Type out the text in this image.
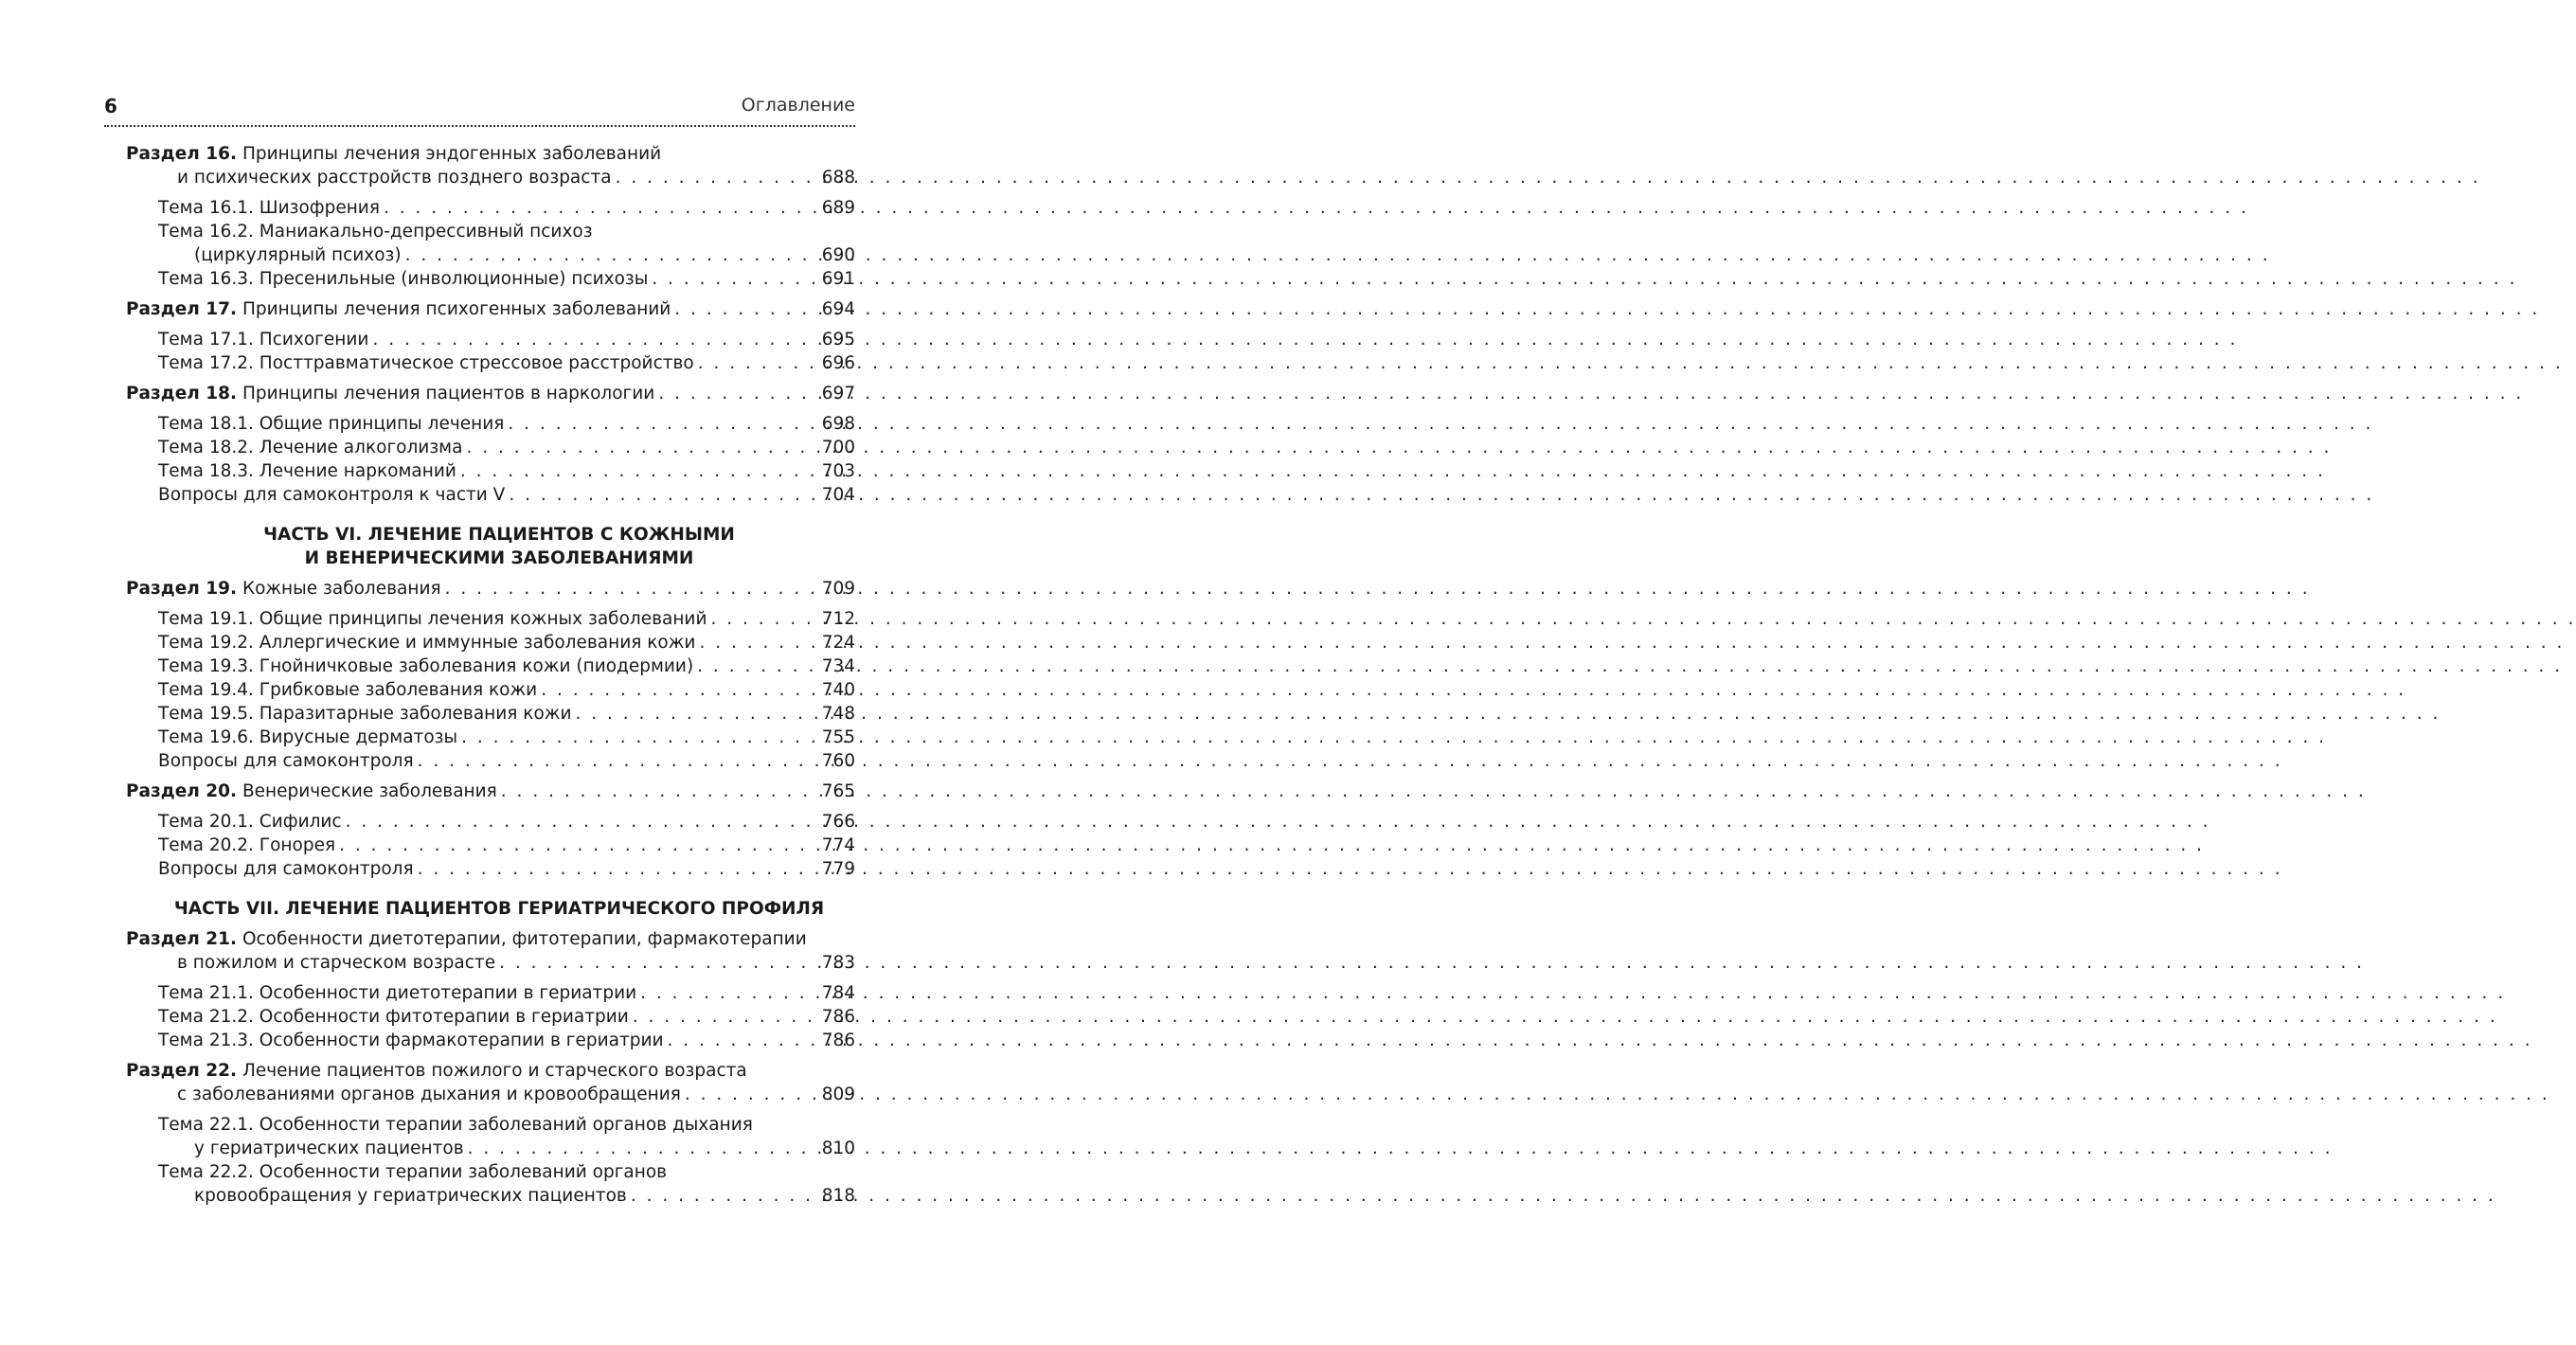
6	Оглавление
Раздел 16. Принципы лечения эндогенных заболеваний
и психических расстройств позднего возраста . . .	688
Тема 16.1. Шизофрения . . .	689
Тема 16.2. Маниакально-депрессивный психоз
(циркулярный психоз) . . .	690
Тема 16.3. Пресенильные (инволюционные) психозы . . .	691
Раздел 17. Принципы лечения психогенных заболеваний . . .	694
Тема 17.1. Психогении . . .	695
Тема 17.2. Посттравматическое стрессовое расстройство . . .	696
Раздел 18. Принципы лечения пациентов в наркологии . . .	697
Тема 18.1. Общие принципы лечения . . .	698
Тема 18.2. Лечение алкоголизма . . .	700
Тема 18.3. Лечение наркоманий . . .	703
Вопросы для самоконтроля к части V . . .	704
ЧАСТЬ VI. ЛЕЧЕНИЕ ПАЦИЕНТОВ С КОЖНЫМИ
И ВЕНЕРИЧЕСКИМИ ЗАБОЛЕВАНИЯМИ
Раздел 19. Кожные заболевания . . .	709
Тема 19.1. Общие принципы лечения кожных заболеваний . . .	712
Тема 19.2. Аллергические и иммунные заболевания кожи . . .	724
Тема 19.3. Гнойничковые заболевания кожи (пиодермии) . . .	734
Тема 19.4. Грибковые заболевания кожи . . .	740
Тема 19.5. Паразитарные заболевания кожи . . .	748
Тема 19.6. Вирусные дерматозы . . .	755
Вопросы для самоконтроля . . .	760
Раздел 20. Венерические заболевания . . .	765
Тема 20.1. Сифилис . . .	766
Тема 20.2. Гонорея . . .	774
Вопросы для самоконтроля . . .	779
ЧАСТЬ VII. ЛЕЧЕНИЕ ПАЦИЕНТОВ ГЕРИАТРИЧЕСКОГО ПРОФИЛЯ
Раздел 21. Особенности диетотерапии, фитотерапии, фармакотерапии
в пожилом и старческом возрасте . . .	783
Тема 21.1. Особенности диетотерапии в гериатрии . . .	784
Тема 21.2. Особенности фитотерапии в гериатрии . . .	786
Тема 21.3. Особенности фармакотерапии в гериатрии . . .	786
Раздел 22. Лечение пациентов пожилого и старческого возраста
с заболеваниями органов дыхания и кровообращения . . .	809
Тема 22.1. Особенности терапии заболеваний органов дыхания
у гериатрических пациентов . . .	810
Тема 22.2. Особенности терапии заболеваний органов
кровообращения у гериатрических пациентов . . .	818
